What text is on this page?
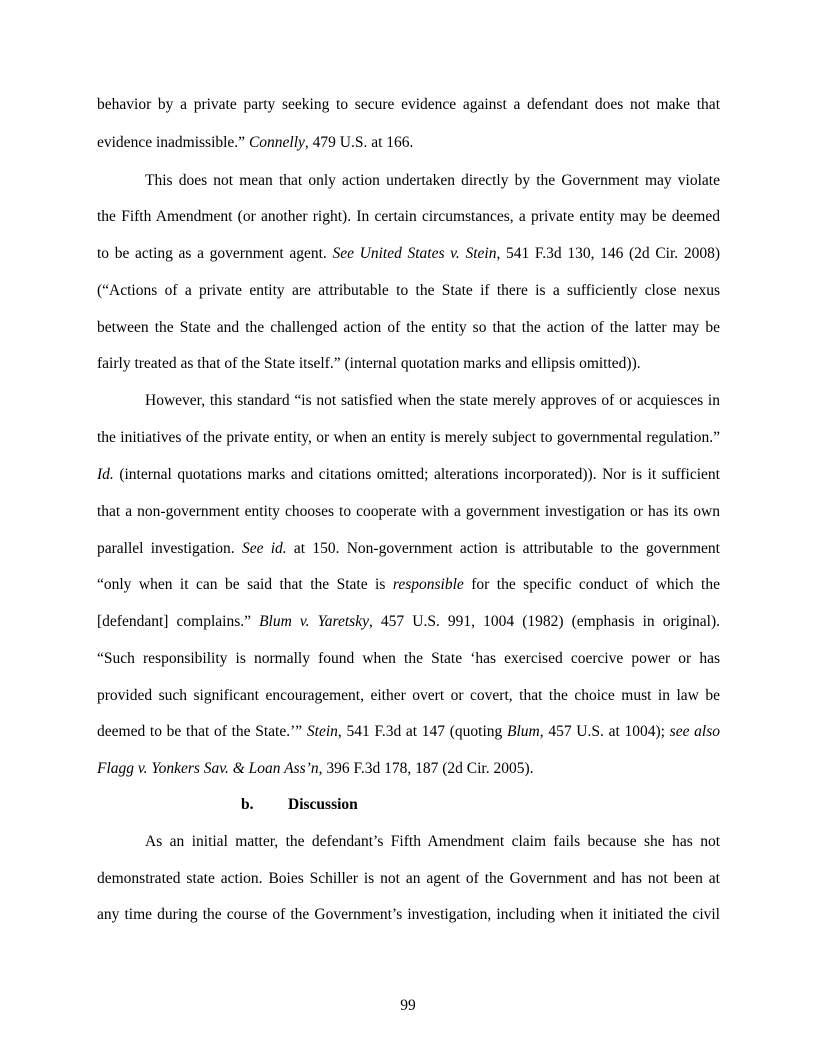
behavior by a private party seeking to secure evidence against a defendant does not make that
evidence inadmissible.” Connelly, 479 U.S. at 166.
This does not mean that only action undertaken directly by the Government may violate
the Fifth Amendment (or another right). In certain circumstances, a private entity may be deemed
to be acting as a government agent. See United States v. Stein, 541 F.3d 130, 146 (2d Cir. 2008)
(“Actions of a private entity are attributable to the State if there is a sufficiently close nexus
between the State and the challenged action of the entity so that the action of the latter may be
fairly treated as that of the State itself.” (internal quotation marks and ellipsis omitted)).
However, this standard “is not satisfied when the state merely approves of or acquiesces in
the initiatives of the private entity, or when an entity is merely subject to governmental regulation.”
Id. (internal quotations marks and citations omitted; alterations incorporated)). Nor is it sufficient
that a non-government entity chooses to cooperate with a government investigation or has its own
parallel investigation. See id. at 150. Non-government action is attributable to the government
“only when it can be said that the State is responsible for the specific conduct of which the
[defendant] complains.” Blum v. Yaretsky, 457 U.S. 991, 1004 (1982) (emphasis in original).
“Such responsibility is normally found when the State ‘has exercised coercive power or has
provided such significant encouragement, either overt or covert, that the choice must in law be
deemed to be that of the State.’” Stein, 541 F.3d at 147 (quoting Blum, 457 U.S. at 1004); see also
Flagg v. Yonkers Sav. & Loan Ass’n, 396 F.3d 178, 187 (2d Cir. 2005).
b. Discussion
As an initial matter, the defendant’s Fifth Amendment claim fails because she has not
demonstrated state action. Boies Schiller is not an agent of the Government and has not been at
any time during the course of the Government’s investigation, including when it initiated the civil
99
